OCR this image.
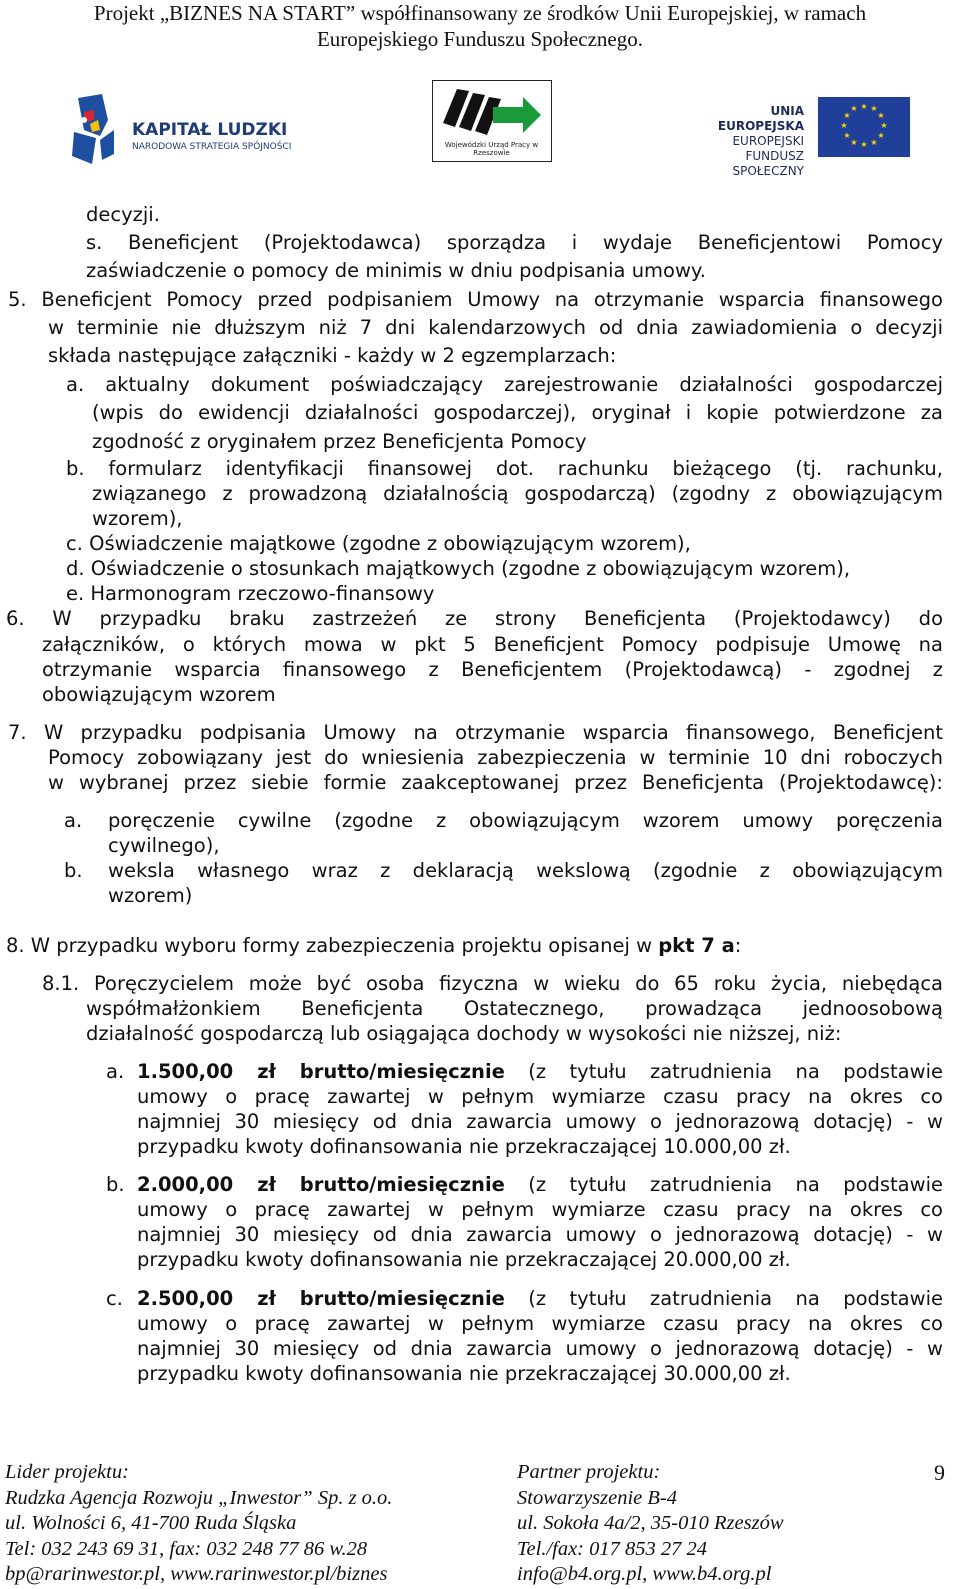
Projekt „BIZNES NA START” współfinansowany ze środków Unii Europejskiej, w ramach
Europejskiego Funduszu Społecznego.
KAPITAŁ LUDZKI
NARODOWA STRATEGIA SPÓJNOŚCI	Wojewódzki Urząd Pracy w Rzeszowie
UNIA EUROPEJSKA
EUROPEJSKI
FUNDUSZ SPOŁECZNY
★ ★
★
★
★
★
★
★
★
★
★
★
decyzji.
s. Beneficjent (Projektodawca) sporządza i wydaje Beneficjentowi Pomocy
zaświadczenie o pomocy de minimis w dniu podpisania umowy.
5. Beneficjent Pomocy przed podpisaniem Umowy na otrzymanie wsparcia finansowego
w terminie nie dłuższym niż 7 dni kalendarzowych od dnia zawiadomienia o decyzji
składa następujące załączniki - każdy w 2 egzemplarzach:
a. aktualny dokument poświadczający zarejestrowanie działalności gospodarczej
(wpis do ewidencji działalności gospodarczej), oryginał i kopie potwierdzone za
zgodność z oryginałem przez Beneficjenta Pomocy
b. formularz identyfikacji finansowej dot. rachunku bieżącego (tj. rachunku,
związanego z prowadzoną działalnością gospodarczą) (zgodny z obowiązującym
wzorem),
c. Oświadczenie majątkowe (zgodne z obowiązującym wzorem),
d. Oświadczenie o stosunkach majątkowych (zgodne z obowiązującym wzorem),
e. Harmonogram rzeczowo-finansowy
6. W przypadku braku zastrzeżeń ze strony Beneficjenta (Projektodawcy) do
załączników, o których mowa w pkt 5 Beneficjent Pomocy podpisuje Umowę na
otrzymanie wsparcia finansowego z Beneficjentem (Projektodawcą) - zgodnej z
obowiązującym wzorem
7. W przypadku podpisania Umowy na otrzymanie wsparcia finansowego, Beneficjent
Pomocy zobowiązany jest do wniesienia zabezpieczenia w terminie 10 dni roboczych
w wybranej przez siebie formie zaakceptowanej przez Beneficjenta (Projektodawcę):
a. poręczenie cywilne (zgodne z obowiązującym wzorem umowy poręczenia
cywilnego),
b. weksla własnego wraz z deklaracją wekslową (zgodnie z obowiązującym
wzorem)
8. W przypadku wyboru formy zabezpieczenia projektu opisanej w pkt 7 a:
8.1. Poręczycielem może być osoba fizyczna w wieku do 65 roku życia, niebędąca
współmałżonkiem Beneficjenta Ostatecznego, prowadząca jednoosobową
działalność gospodarczą lub osiągająca dochody w wysokości nie niższej, niż:
a. 1.500,00 zł brutto/miesięcznie (z tytułu zatrudnienia na podstawie
umowy o pracę zawartej w pełnym wymiarze czasu pracy na okres co
najmniej 30 miesięcy od dnia zawarcia umowy o jednorazową dotację) - w
przypadku kwoty dofinansowania nie przekraczającej 10.000,00 zł.
b. 2.000,00 zł brutto/miesięcznie (z tytułu zatrudnienia na podstawie
umowy o pracę zawartej w pełnym wymiarze czasu pracy na okres co
najmniej 30 miesięcy od dnia zawarcia umowy o jednorazową dotację) - w
przypadku kwoty dofinansowania nie przekraczającej 20.000,00 zł.
c. 2.500,00 zł brutto/miesięcznie (z tytułu zatrudnienia na podstawie
umowy o pracę zawartej w pełnym wymiarze czasu pracy na okres co
najmniej 30 miesięcy od dnia zawarcia umowy o jednorazową dotację) - w
przypadku kwoty dofinansowania nie przekraczającej 30.000,00 zł.
Lider projektu:
Rudzka Agencja Rozwoju „Inwestor” Sp. z o.o.
ul. Wolności 6, 41-700 Ruda Śląska
Tel: 032 243 69 31, fax: 032 248 77 86 w.28
bp@rarinwestor.pl, www.rarinwestor.pl/biznes
Partner projektu:
Stowarzyszenie B-4
ul. Sokoła 4a/2, 35-010 Rzeszów
Tel./fax: 017 853 27 24
info@b4.org.pl, www.b4.org.pl
9
